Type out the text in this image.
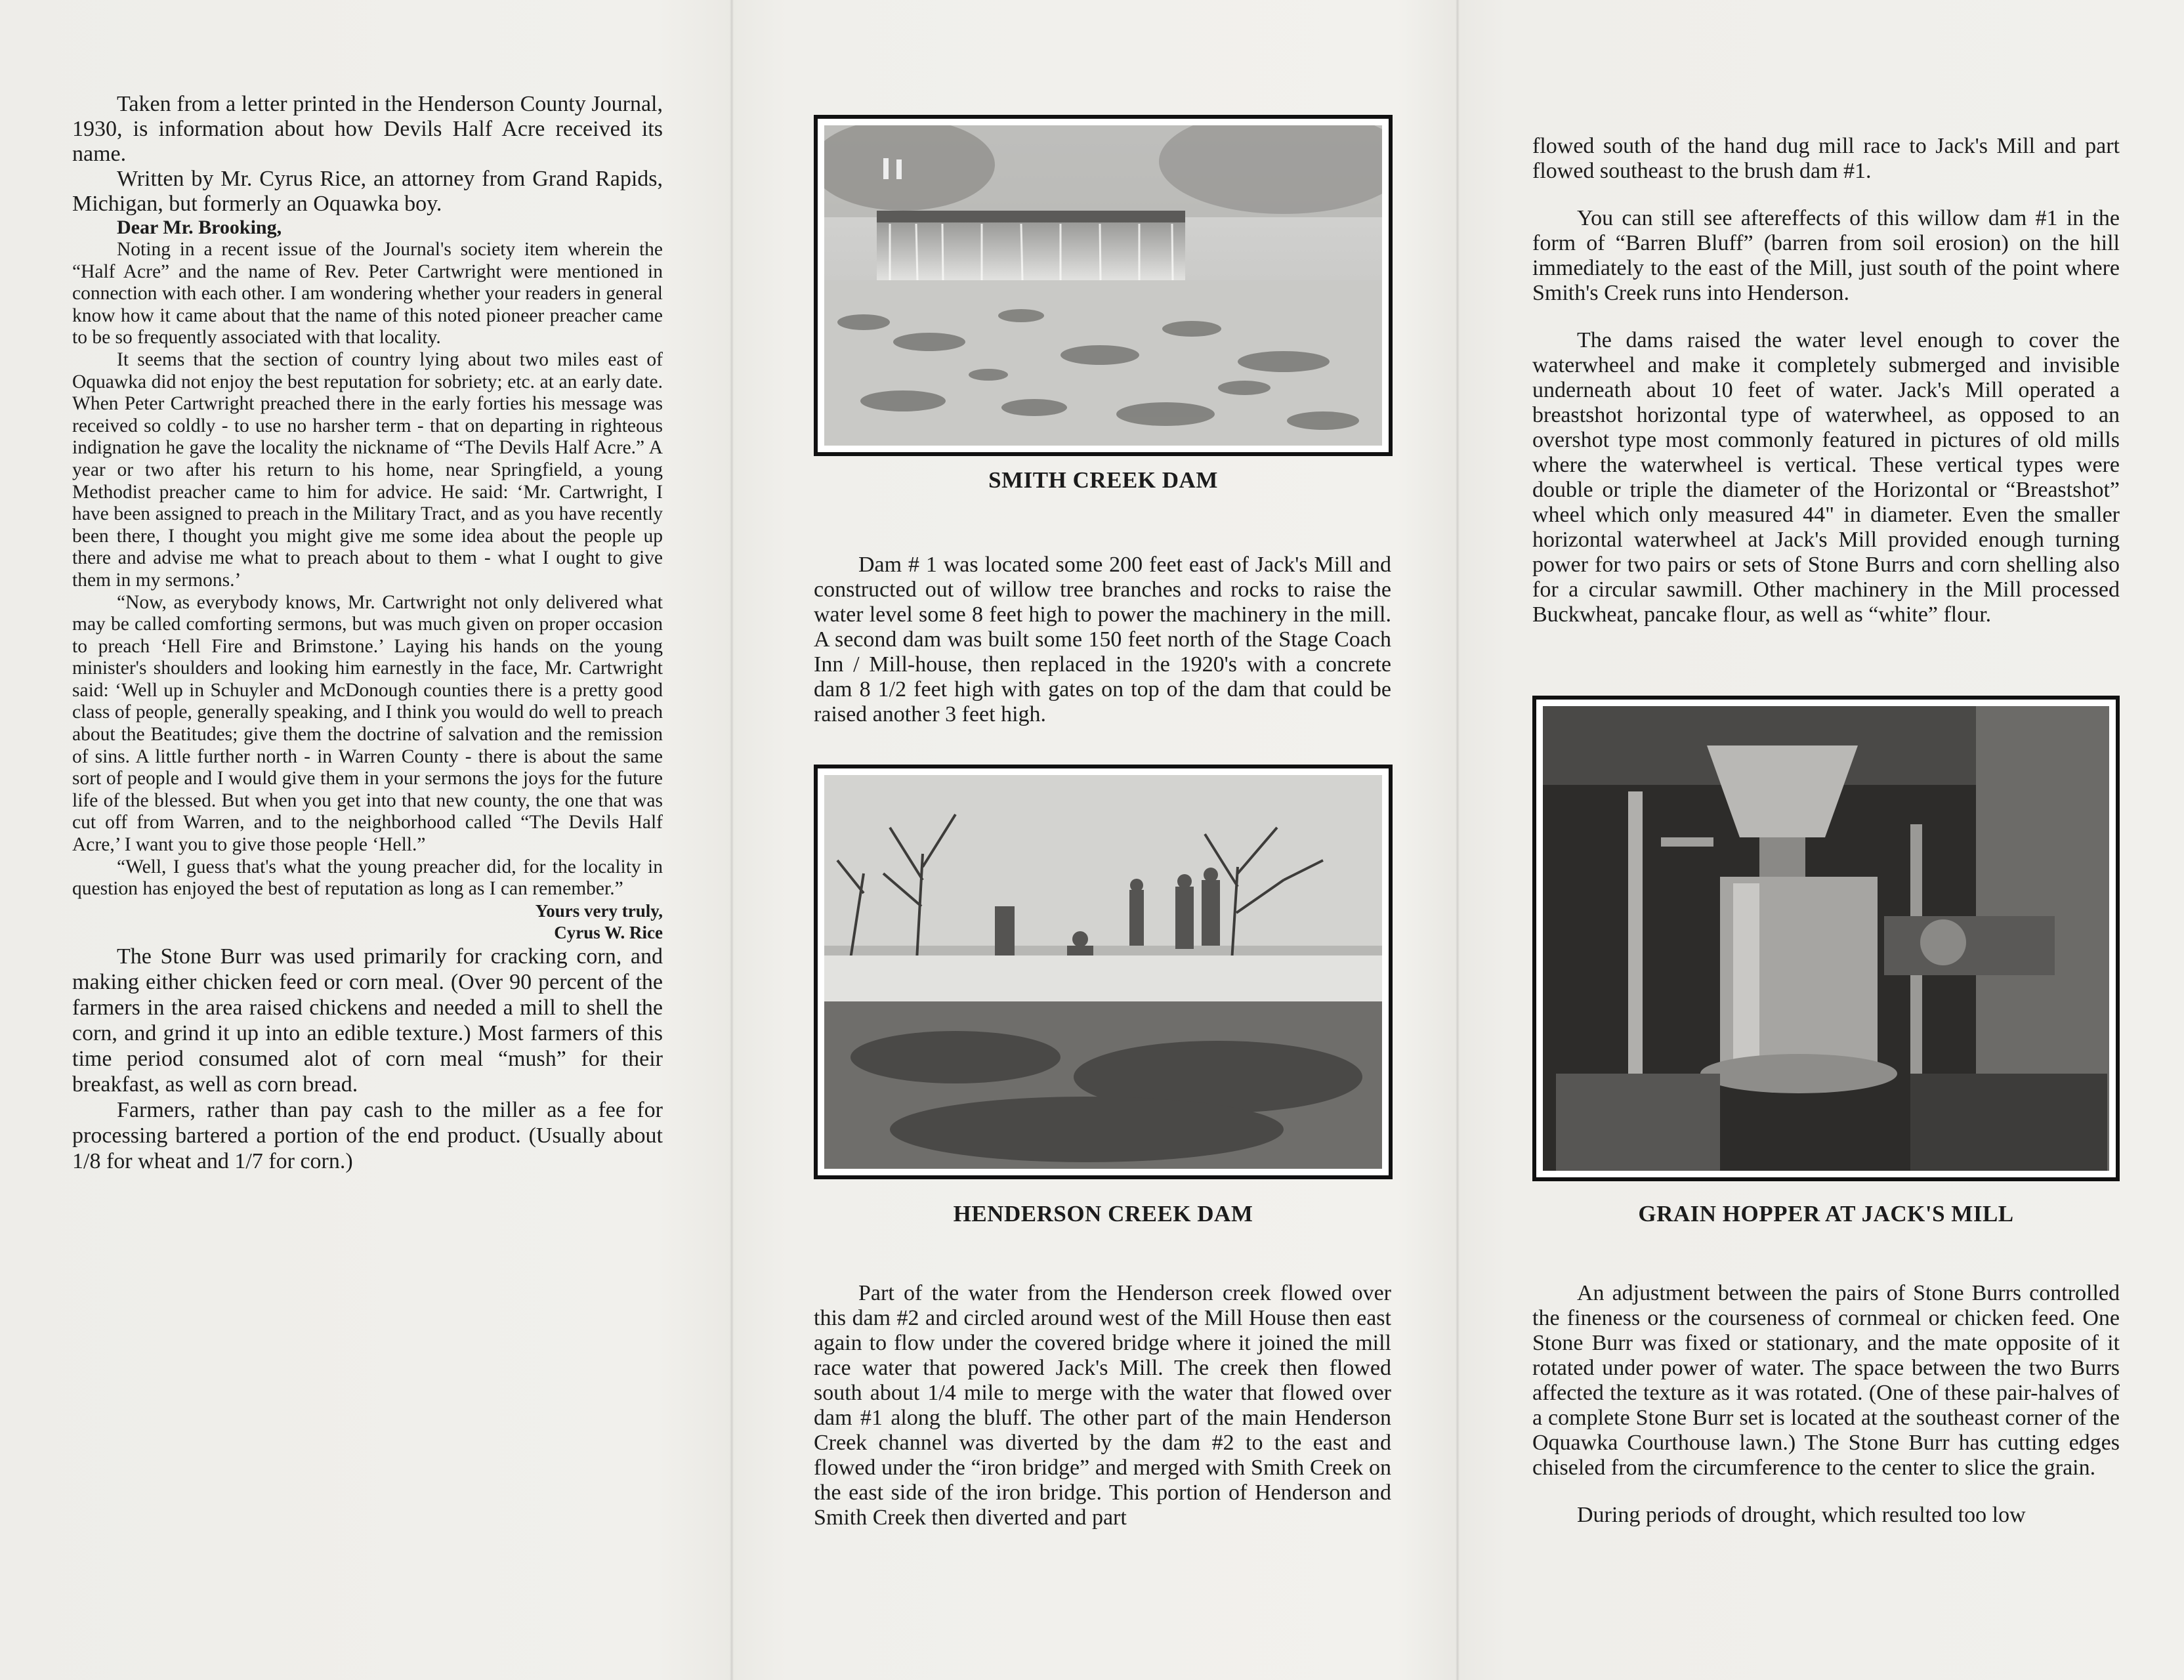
Taken from a letter printed in the Henderson County Journal, 1930, is information about how Devils Half Acre received its name.

Written by Mr. Cyrus Rice, an attorney from Grand Rapids, Michigan, but formerly an Oquawka boy.

Dear Mr. Brooking,

Noting in a recent issue of the Journal's society item wherein the “Half Acre” and the name of Rev. Peter Cartwright were mentioned in connection with each other. I am wondering whether your readers in general know how it came about that the name of this noted pioneer preacher came to be so frequently associated with that locality.

It seems that the section of country lying about two miles east of Oquawka did not enjoy the best reputation for sobriety; etc. at an early date. When Peter Cartwright preached there in the early forties his message was received so coldly - to use no harsher term - that on departing in righteous indignation he gave the locality the nickname of “The Devils Half Acre.” A year or two after his return to his home, near Springfield, a young Methodist preacher came to him for advice. He said: ‘Mr. Cartwright, I have been assigned to preach in the Military Tract, and as you have recently been there, I thought you might give me some idea about the people up there and advise me what to preach about to them - what I ought to give them in my sermons.’

“Now, as everybody knows, Mr. Cartwright not only delivered what may be called comforting sermons, but was much given on proper occasion to preach ‘Hell Fire and Brimstone.’ Laying his hands on the young minister's shoulders and looking him earnestly in the face, Mr. Cartwright said: ‘Well up in Schuyler and McDonough counties there is a pretty good class of people, generally speaking, and I think you would do well to preach about the Beatitudes; give them the doctrine of salvation and the remission of sins. A little further north - in Warren County - there is about the same sort of people and I would give them in your sermons the joys for the future life of the blessed. But when you get into that new county, the one that was cut off from Warren, and to the neighborhood called “The Devils Half Acre,’ I want you to give those people ‘Hell.”

“Well, I guess that's what the young preacher did, for the locality in question has enjoyed the best of reputation as long as I can remember.”

Yours very truly,

Cyrus W. Rice

The Stone Burr was used primarily for cracking corn, and making either chicken feed or corn meal. (Over 90 percent of the farmers in the area raised chickens and needed a mill to shell the corn, and grind it up into an edible texture.) Most farmers of this time period consumed alot of corn meal “mush” for their breakfast, as well as corn bread.

Farmers, rather than pay cash to the miller as a fee for processing bartered a portion of the end product. (Usually about 1/8 for wheat and 1/7 for corn.)

SMITH CREEK DAM

Dam # 1 was located some 200 feet east of Jack's Mill and constructed out of willow tree branches and rocks to raise the water level some 8 feet high to power the machinery in the mill. A second dam was built some 150 feet north of the Stage Coach Inn / Mill-house, then replaced in the 1920's with a concrete dam 8 1/2 feet high with gates on top of the dam that could be raised another 3 feet high.

HENDERSON CREEK DAM

Part of the water from the Henderson creek flowed over this dam #2 and circled around west of the Mill House then east again to flow under the covered bridge where it joined the mill race water that powered Jack's Mill. The creek then flowed south about 1/4 mile to merge with the water that flowed over dam #1 along the bluff. The other part of the main Henderson Creek channel was diverted by the dam #2 to the east and flowed under the “iron bridge” and merged with Smith Creek on the east side of the iron bridge. This portion of Henderson and Smith Creek then diverted and part

flowed south of the hand dug mill race to Jack's Mill and part flowed southeast to the brush dam #1.

You can still see aftereffects of this willow dam #1 in the form of “Barren Bluff” (barren from soil erosion) on the hill immediately to the east of the Mill, just south of the point where Smith's Creek runs into Henderson.

The dams raised the water level enough to cover the waterwheel and make it completely submerged and invisible underneath about 10 feet of water. Jack's Mill operated a breastshot horizontal type of waterwheel, as opposed to an overshot type most commonly featured in pictures of old mills where the waterwheel is vertical. These vertical types were double or triple the diameter of the Horizontal or “Breastshot” wheel which only measured 44" in diameter. Even the smaller horizontal waterwheel at Jack's Mill provided enough turning power for two pairs or sets of Stone Burrs and corn shelling also for a circular sawmill. Other machinery in the Mill processed Buckwheat, pancake flour, as well as “white” flour.

GRAIN HOPPER AT JACK'S MILL

An adjustment between the pairs of Stone Burrs controlled the fineness or the courseness of cornmeal or chicken feed. One Stone Burr was fixed or stationary, and the mate opposite of it rotated under power of water. The space between the two Burrs affected the texture as it was rotated. (One of these pair-halves of a complete Stone Burr set is located at the southeast corner of the Oquawka Courthouse lawn.) The Stone Burr has cutting edges chiseled from the circumference to the center to slice the grain.

During periods of drought, which resulted too low
